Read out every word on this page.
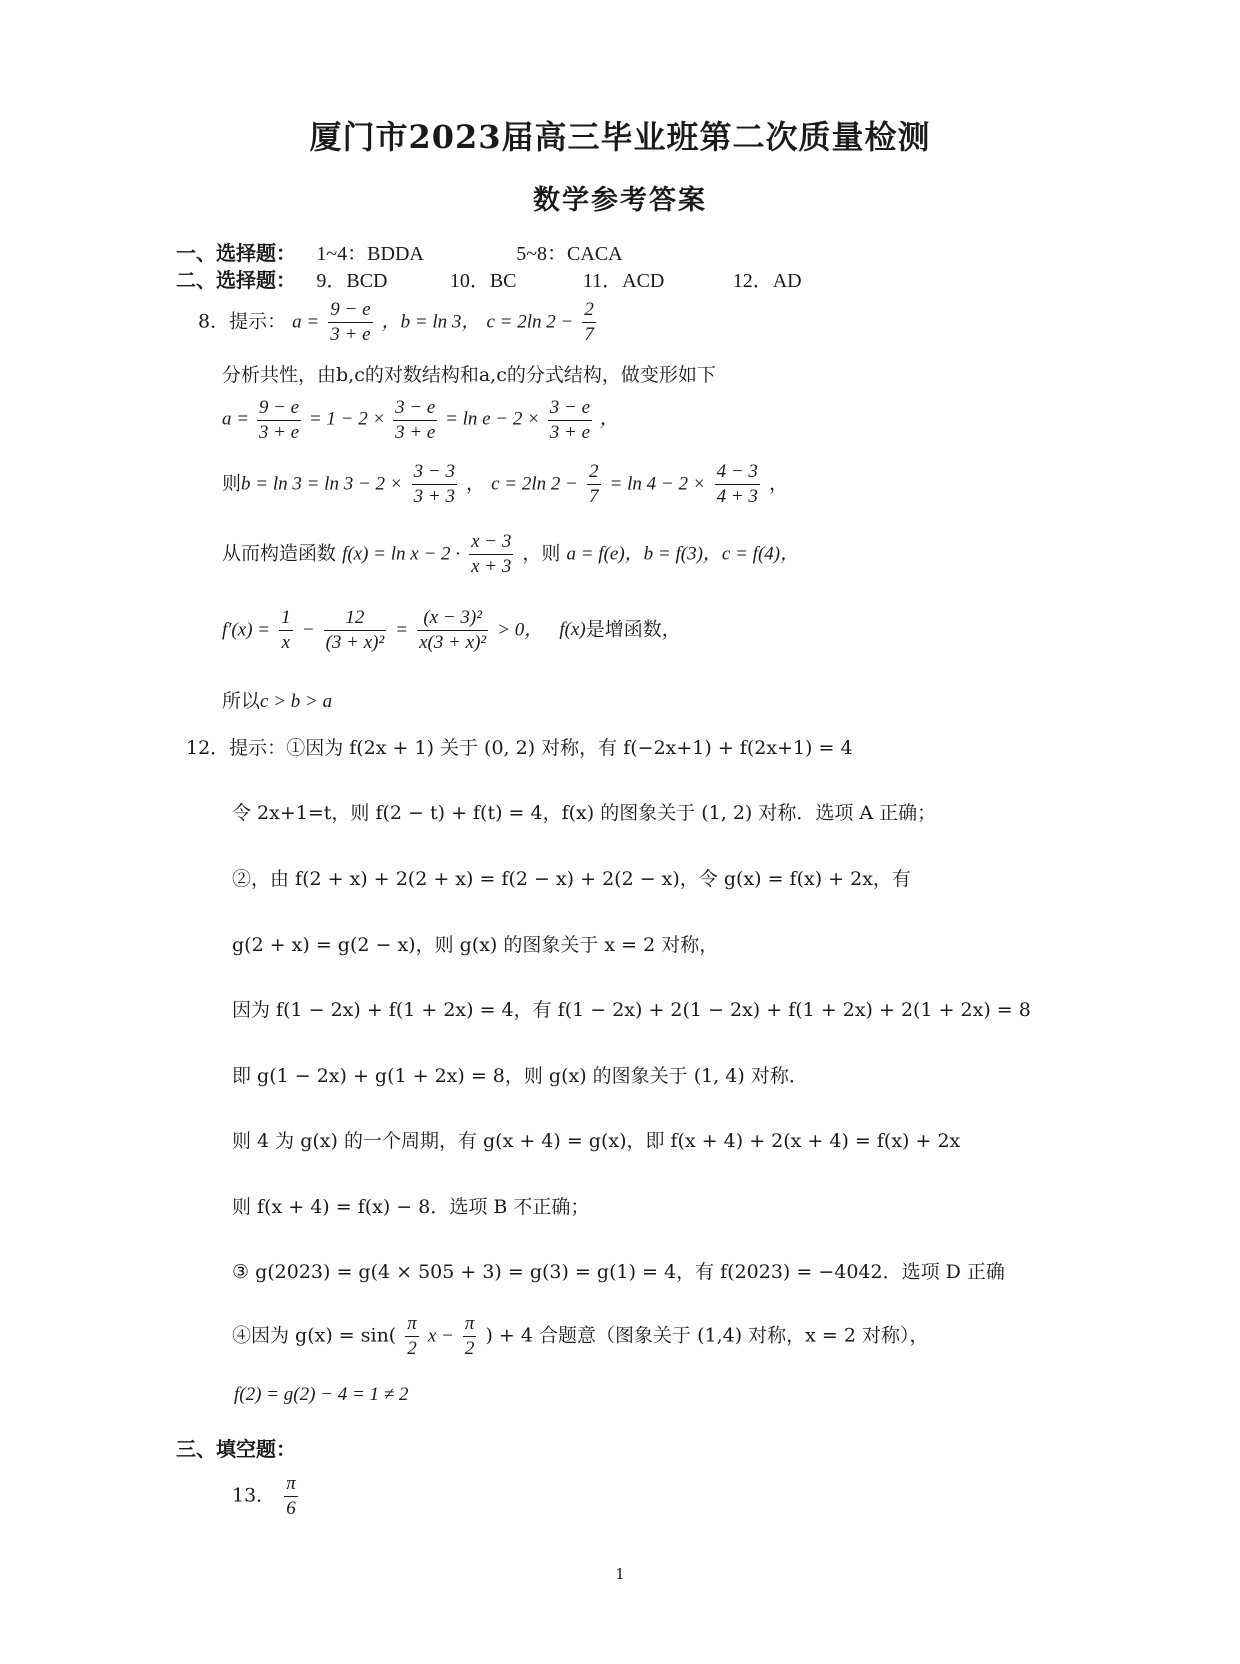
厦门市2023届高三毕业班第二次质量检测
数学参考答案
一、选择题： 1~4：BDDA	5~8：CACA
二、选择题： 9．BCD	10．BC	11．ACD	12．AD
8．提示： $a = \frac{9 - e}{3 + e}$ ，b = ln 3， c = 2ln $2 - \frac{2}{7}$
分析共性，由b,c的对数结构和a,c的分式结构，做变形如下
$a = \frac{9 - e}{3 + e} = 1 - 2 \times \frac{3 - e}{3 + e} = \ln e - 2 \times \frac{3 - e}{3 + e}$ ，
则$b = \ln 3 = \ln 3 - 2 \times \frac{3 - 3}{3 + 3}$ ， c = 2ln $2 - \frac{2}{7} = \ln 4 - 2 \times \frac{4 - 3}{4 + 3}$ ，
从而构造函数 $f(x) = \ln x - 2 \cdot \frac{x - 3}{x + 3}$ ，则 a = f(e)，b = f(3)，c = f(4)，
$f'(x) = \frac{1}{x} - \frac{12}{\text{(3 + x)²}} = \frac{\text{(x − 3)²}}{\text{x(3 + x)²}} > 0$， f(x)是增函数，
所以c > b > a
12．提示：①因为 f(2x + 1) 关于 (0, 2) 对称，有 f(−2x+1) + f(2x+1) = 4
令 2x+1=t，则 f(2 − t) + f(t) = 4，f(x) 的图象关于 (1, 2) 对称．选项 A 正确；
②，由 f(2 + x) + 2(2 + x) = f(2 − x) + 2(2 − x)，令 g(x) = f(x) + 2x，有
g(2 + x) = g(2 − x)，则 g(x) 的图象关于 x = 2 对称，
因为 f(1 − 2x) + f(1 + 2x) = 4，有 f(1 − 2x) + 2(1 − 2x) + f(1 + 2x) + 2(1 + 2x) = 8
即 g(1 − 2x) + g(1 + 2x) = 8，则 g(x) 的图象关于 (1, 4) 对称．
则 4 为 g(x) 的一个周期，有 g(x + 4) = g(x)，即 f(x + 4) + 2(x + 4) = f(x) + 2x
则 f(x + 4) = f(x) − 8．选项 B 不正确；
③ g(2023) = g(4 × 505 + 3) = g(3) = g(1) = 4，有 f(2023) = −4042．选项 D 正确
④因为 $g(x) = \sin( \frac{\pi}{2}$ $x - \frac{\pi}{2}$ ) + 4 合题意（图象关于 (1,4) 对称，x = 2 对称），
f(2) = g(2) − 4 = 1 ≠ 2
三、填空题：
13． $\frac{\pi}{6}$
1
